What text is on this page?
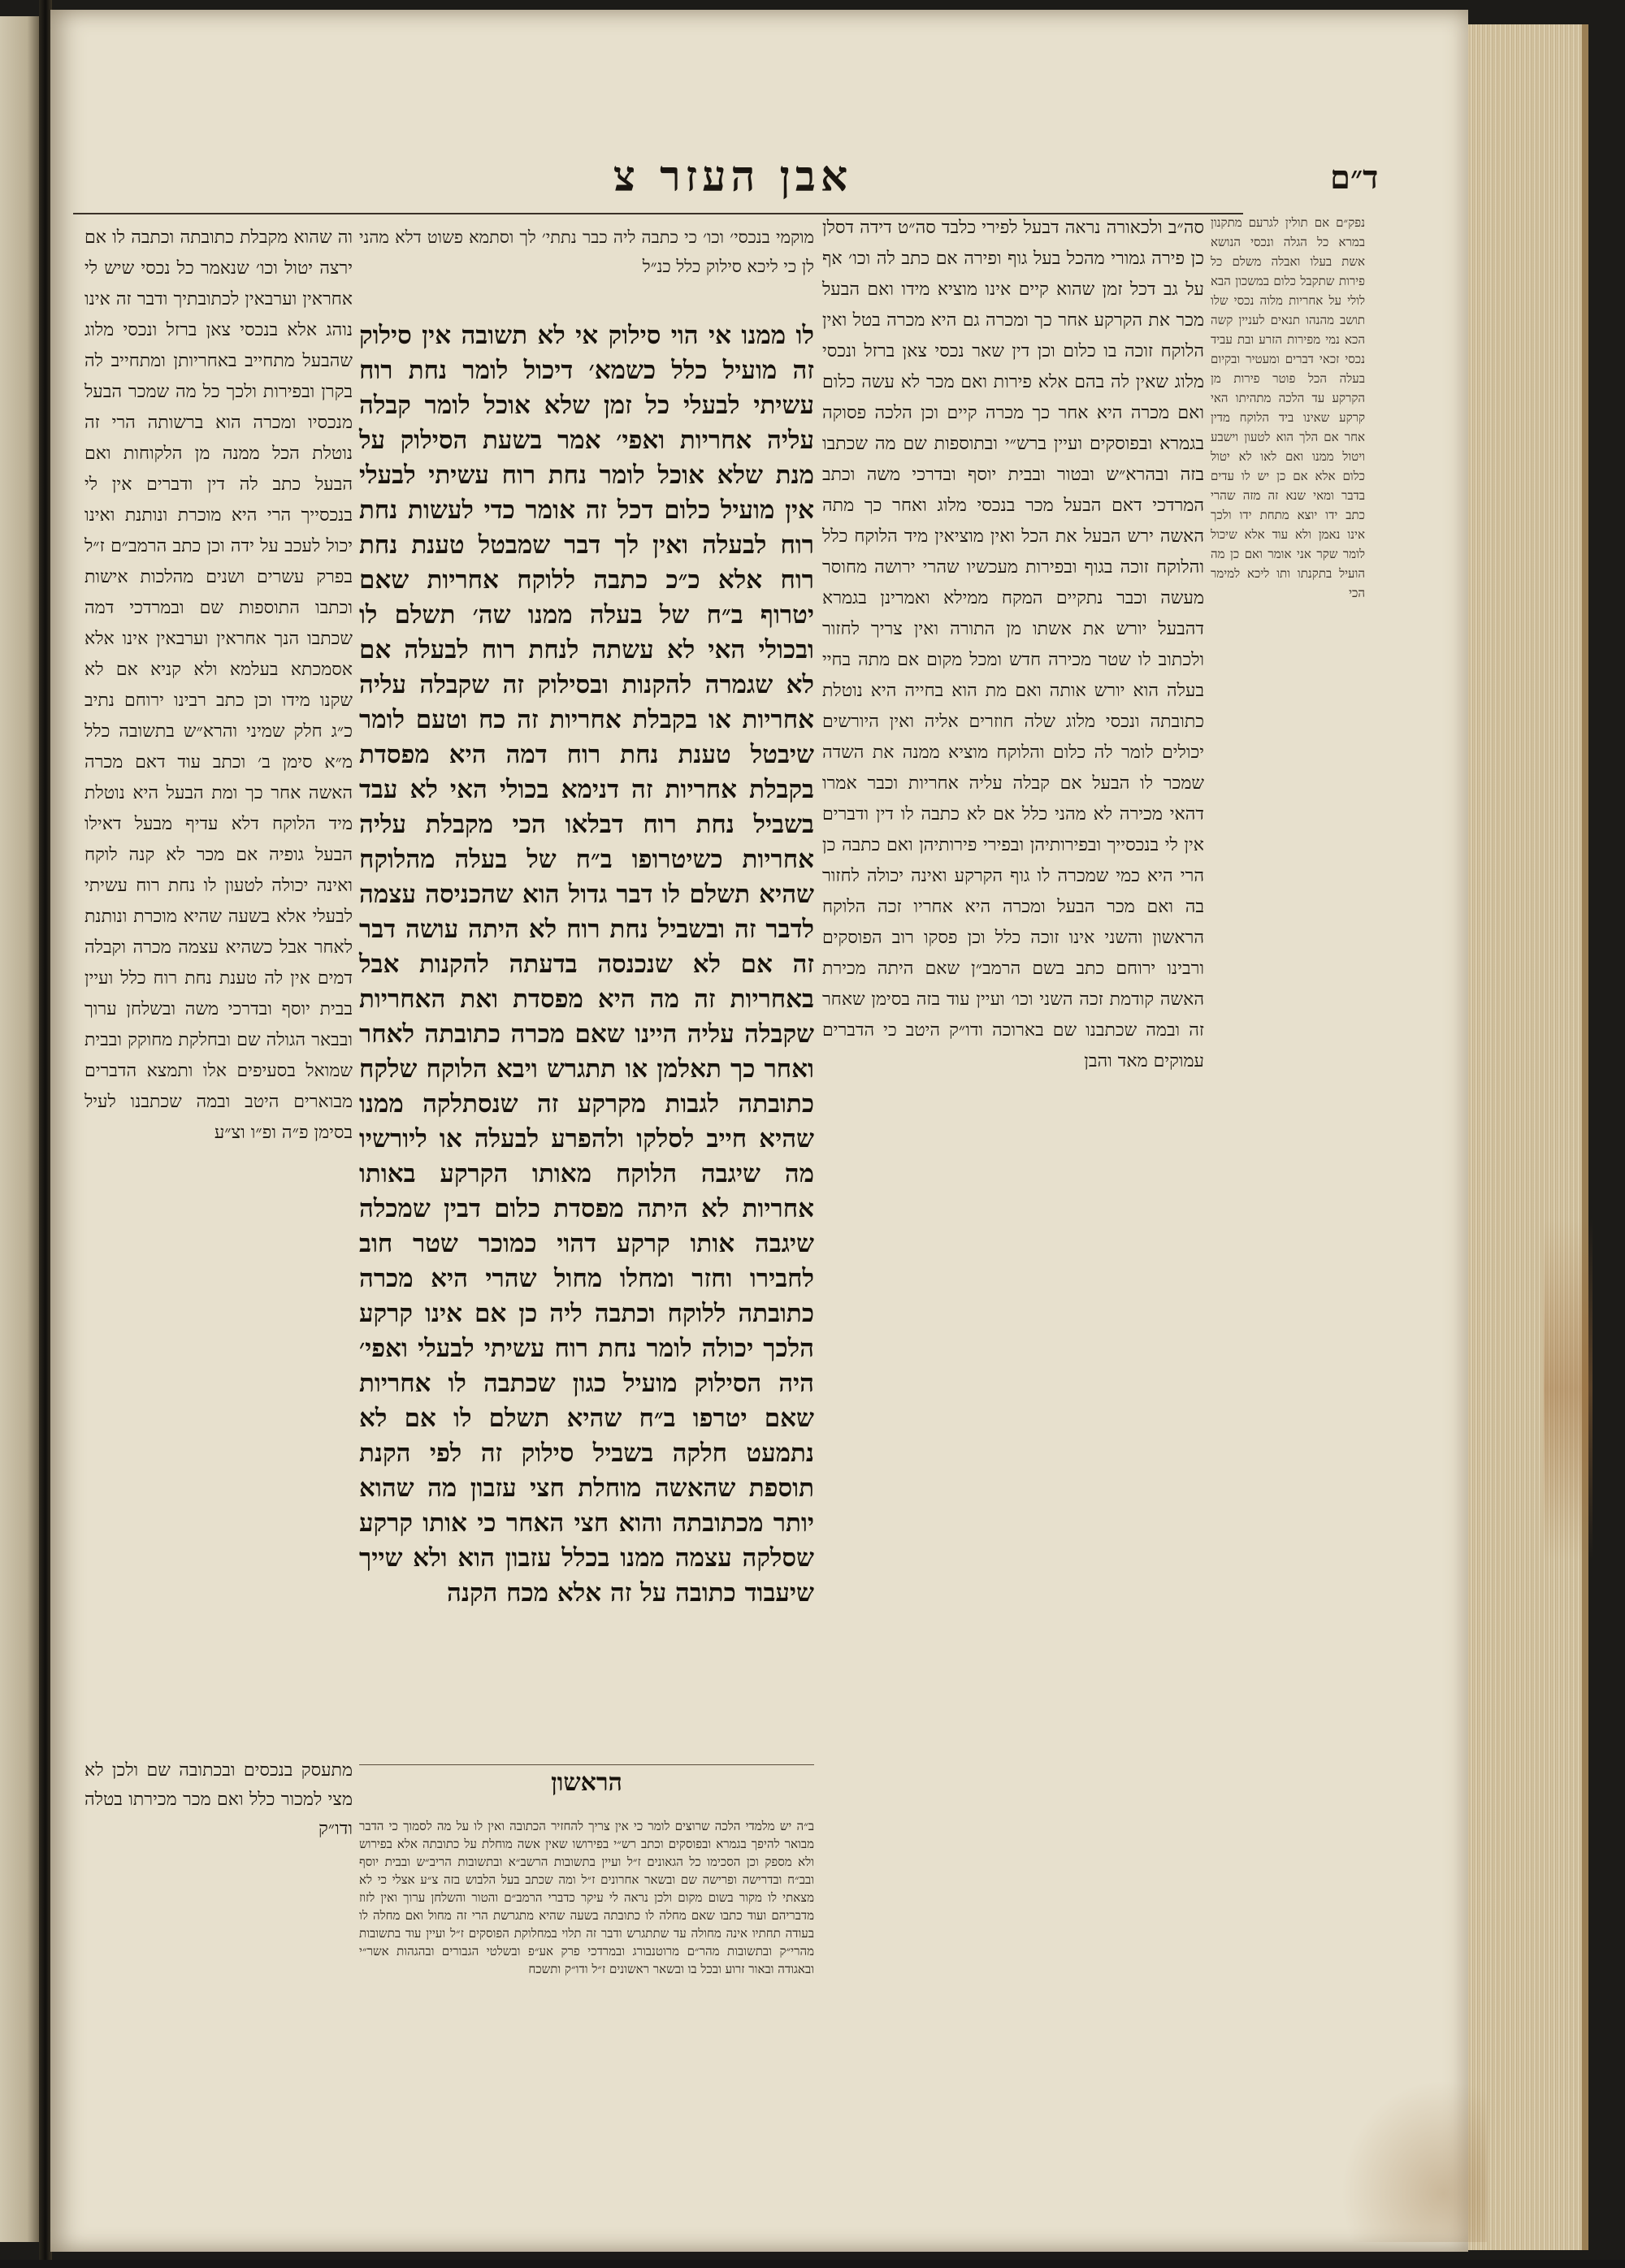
אבן העזר צ	ד״ם

נפק״ם אם תולין לגרעם מתקנון במרא כל הגלה ונכסי הנושא אשת בעלו ואבלה משלם כל פירות שתקבל כלום במשכון הבא לולי על אחריות מלוה נכסי שלו תושב מהנהו תנאים לעניין קשה הכא נמי מפירות הזרע ובת עביד נכסי זכאי דברים ומעטיר ובקיום בעלה הכל פוטר פירות מן הקרקע עד הלכה מתהיתו האי קרקע שאינו ביד הלוקח מדין אחר אם הלך הוא לטעון וישבע ויטול ממנו ואם לאו לא יטול כלום אלא אם כן יש לו עדים בדבר ומאי שנא זה מזה שהרי כתב ידו יוצא מתחת ידו ולכך אינו נאמן ולא עוד אלא שיכול לומר שקר אני אומר ואם כן מה הועיל בתקנתו ותו ליכא למימר הכי

סה״ב ולכאורה נראה דבעל לפירי כלבד סה״ט דידה דסלן כן פירה גמורי מהכל בעל גוף ופירה אם כתב לה וכו׳ אף על גב דכל זמן שהוא קיים אינו מוציא מידו ואם הבעל מכר את הקרקע אחר כך ומכרה גם היא מכרה בטל ואין הלוקח זוכה בו כלום וכן דין שאר נכסי צאן ברזל ונכסי מלוג שאין לה בהם אלא פירות ואם מכר לא עשה כלום ואם מכרה היא אחר כך מכרה קיים וכן הלכה פסוקה בגמרא ובפוסקים ועיין ברש״י ובתוספות שם מה שכתבו בזה ובהרא״ש ובטור ובבית יוסף ובדרכי משה וכתב המרדכי דאם הבעל מכר בנכסי מלוג ואחר כך מתה האשה ירש הבעל את הכל ואין מוציאין מיד הלוקח כלל והלוקח זוכה בגוף ובפירות מעכשיו שהרי ירושה מחוסר מעשה וכבר נתקיים המקח ממילא ואמרינן בגמרא דהבעל יורש את אשתו מן התורה ואין צריך לחזור ולכתוב לו שטר מכירה חדש ומכל מקום אם מתה בחיי בעלה הוא יורש אותה ואם מת הוא בחייה היא נוטלת כתובתה ונכסי מלוג שלה חוזרים אליה ואין היורשים יכולים לומר לה כלום והלוקח מוציא ממנה את השדה שמכר לו הבעל אם קבלה עליה אחריות וכבר אמרו דהאי מכירה לא מהני כלל אם לא כתבה לו דין ודברים אין לי בנכסייך ובפירותיהן ובפירי פירותיהן ואם כתבה כן הרי היא כמי שמכרה לו גוף הקרקע ואינה יכולה לחזור בה ואם מכר הבעל ומכרה היא אחריו זכה הלוקח הראשון והשני אינו זוכה כלל וכן פסקו רוב הפוסקים ורבינו ירוחם כתב בשם הרמב״ן שאם היתה מכירת האשה קודמת זכה השני וכו׳ ועיין עוד בזה בסימן שאחר זה ובמה שכתבנו שם בארוכה ודו״ק היטב כי הדברים עמוקים מאד והבן

מוקמי בנכסי׳ וכו׳ כי כתבה ליה כבר נתתי׳ לך וסתמא פשוט דלא מהני לן כי ליכא סילוק כלל כנ״ל

לו ממנו אי הוי סילוק אי לא תשובה אין סילוק זה מועיל כלל כשמא׳ דיכול לומר נחת רוח עשיתי לבעלי כל זמן שלא אוכל לומר קבלה עליה אחריות ואפי׳ אמר בשעת הסילוק על מנת שלא אוכל לומר נחת רוח עשיתי לבעלי אין מועיל כלום דכל זה אומר כדי לעשות נחת רוח לבעלה ואין לך דבר שמבטל טענת נחת רוח אלא כ״כ כתבה ללוקח אחריות שאם יטרוף ב״ח של בעלה ממנו שה׳ תשלם לו ובכולי האי לא עשתה לנחת רוח לבעלה אם לא שגמרה להקנות ובסילוק זה שקבלה עליה אחריות או בקבלת אחריות זה כח וטעם לומר שיבטל טענת נחת רוח דמה היא מפסדת בקבלת אחריות זה דנימא בכולי האי לא עבד בשביל נחת רוח דבלאו הכי מקבלת עליה אחריות כשיטרופו ב״ח של בעלה מהלוקח שהיא תשלם לו דבר גדול הוא שהכניסה עצמה לדבר זה ובשביל נחת רוח לא היתה עושה דבר זה אם לא שנכנסה בדעתה להקנות אבל באחריות זה מה היא מפסדת ואת האחריות שקבלה עליה היינו שאם מכרה כתובתה לאחר ואחר כך תאלמן או תתגרש ויבא הלוקח שלקח כתובתה לגבות מקרקע זה שנסתלקה ממנו שהיא חייב לסלקו ולהפרע לבעלה או ליורשיו מה שיגבה הלוקח מאותו הקרקע באותו אחריות לא היתה מפסדת כלום דבין שמכלה שיגבה אותו קרקע דהוי כמוכר שטר חוב לחבירו וחזר ומחלו מחול שהרי היא מכרה כתובתה ללוקח וכתבה ליה כן אם אינו קרקע הלכך יכולה לומר נחת רוח עשיתי לבעלי ואפי׳ היה הסילוק מועיל כגון שכתבה לו אחריות שאם יטרפו ב״ח שהיא תשלם לו אם לא נתמעט חלקה בשביל סילוק זה לפי הקנת תוספת שהאשה מוחלת חצי עזבון מה שהוא יותר מכתובתה והוא חצי האחר כי אותו קרקע שסלקה עצמה ממנו בכלל עזבון הוא ולא שייך שיעבוד כתובה על זה אלא מכח הקנה

וה שהוא מקבלת כתובתה וכתבה לו אם ירצה יטול וכו׳ שנאמר כל נכסי שיש לי אחראין וערבאין לכתובתיך ודבר זה אינו נוהג אלא בנכסי צאן ברזל ונכסי מלוג שהבעל מתחייב באחריותן ומתחייב לה בקרן ובפירות ולכך כל מה שמכר הבעל מנכסיו ומכרה הוא ברשותה הרי זה נוטלת הכל ממנה מן הלקוחות ואם הבעל כתב לה דין ודברים אין לי בנכסייך הרי היא מוכרת ונותנת ואינו יכול לעכב על ידה וכן כתב הרמב״ם ז״ל בפרק עשרים ושנים מהלכות אישות וכתבו התוספות שם ובמרדכי דמה שכתבו הנך אחראין וערבאין אינו אלא אסמכתא בעלמא ולא קניא אם לא שקנו מידו וכן כתב רבינו ירוחם נתיב כ״ג חלק שמיני והרא״ש בתשובה כלל מ״א סימן ב׳ וכתב עוד דאם מכרה האשה אחר כך ומת הבעל היא נוטלת מיד הלוקח דלא עדיף מבעל דאילו הבעל גופיה אם מכר לא קנה לוקח ואינה יכולה לטעון לו נחת רוח עשיתי לבעלי אלא בשעה שהיא מוכרת ונותנת לאחר אבל כשהיא עצמה מכרה וקבלה דמים אין לה טענת נחת רוח כלל ועיין בבית יוסף ובדרכי משה ובשלחן ערוך ובבאר הגולה שם ובחלקת מחוקק ובבית שמואל בסעיפים אלו ותמצא הדברים מבוארים היטב ובמה שכתבנו לעיל בסימן פ״ה ופ״ו וצ״ע

מתעסק בנכסים ובכתובה שם ולכן לא מצי למכור כלל ואם מכר מכירתו בטלה ודו״ק
הראשון

ב״ה יש מלמדי הלכה שרוצים לומר כי אין צריך להחזיר הכתובה ואין לו על מה לסמוך כי הדבר מבואר להיפך בגמרא ובפוסקים וכתב רש״י בפירושו שאין אשה מוחלת על כתובתה אלא בפירוש ולא מספק וכן הסכימו כל הגאונים ז״ל ועיין בתשובות הרשב״א ובתשובות הריב״ש ובבית יוסף ובב״ח ובדרישה ופרישה שם ובשאר אחרונים ז״ל ומה שכתב בעל הלבוש בזה צ״ע אצלי כי לא מצאתי לו מקור בשום מקום ולכן נראה לי עיקר כדברי הרמב״ם והטור והשלחן ערוך ואין לזוז מדבריהם ועוד כתבו שאם מחלה לו כתובתה בשעה שהיא מתגרשת הרי זה מחול ואם מחלה לו בעודה תחתיו אינה מחולה עד שתתגרש ודבר זה תלוי במחלוקת הפוסקים ז״ל ועיין עוד בתשובות מהרי״ק ובתשובות מהר״ם מרוטנבורג ובמרדכי פרק אע״פ ובשלטי הגבורים ובהגהות אשר״י ובאגודה ובאור זרוע ובכל בו ובשאר ראשונים ז״ל ודו״ק ותשכח
